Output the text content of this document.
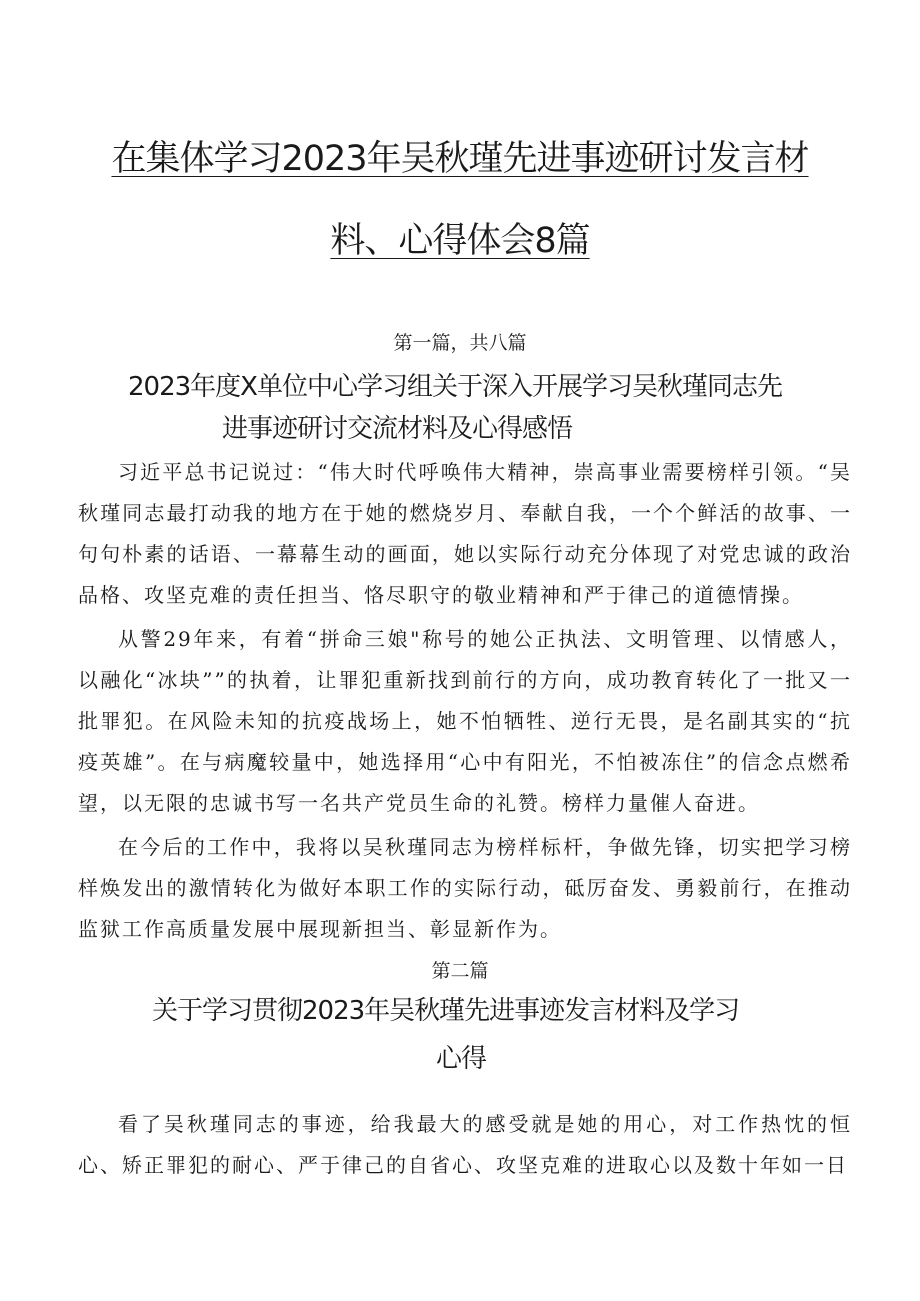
在集体学习2023年吴秋瑾先进事迹研讨发言材
料、心得体会8篇
第一篇，共八篇
2023年度X单位中心学习组关于深入开展学习吴秋瑾同志先
进事迹研讨交流材料及心得感悟

习近平总书记说过：“伟大时代呼唤伟大精神，崇高事业需要榜样引领。“吴秋瑾同志最打动我的地方在于她的燃烧岁月、奉献自我，一个个鲜活的故事、一句句朴素的话语、一幕幕生动的画面，她以实际行动充分体现了对党忠诚的政治品格、攻坚克难的责任担当、恪尽职守的敬业精神和严于律己的道德情操。

从警29年来，有着“拼命三娘"称号的她公正执法、文明管理、以情感人，以融化“冰块””的执着，让罪犯重新找到前行的方向，成功教育转化了一批又一批罪犯。在风险未知的抗疫战场上，她不怕牺牲、逆行无畏，是名副其实的“抗疫英雄”。在与病魔较量中，她选择用“心中有阳光，不怕被冻住”的信念点燃希望，以无限的忠诚书写一名共产党员生命的礼赞。榜样力量催人奋进。

在今后的工作中，我将以吴秋瑾同志为榜样标杆，争做先锋，切实把学习榜样焕发出的激情转化为做好本职工作的实际行动，砥厉奋发、勇毅前行，在推动监狱工作高质量发展中展现新担当、彰显新作为。

第二篇
关于学习贯彻2023年吴秋瑾先进事迹发言材料及学习
心得

看了吴秋瑾同志的事迹，给我最大的感受就是她的用心，对工作热忱的恒心、矫正罪犯的耐心、严于律己的自省心、攻坚克难的进取心以及数十年如一日
